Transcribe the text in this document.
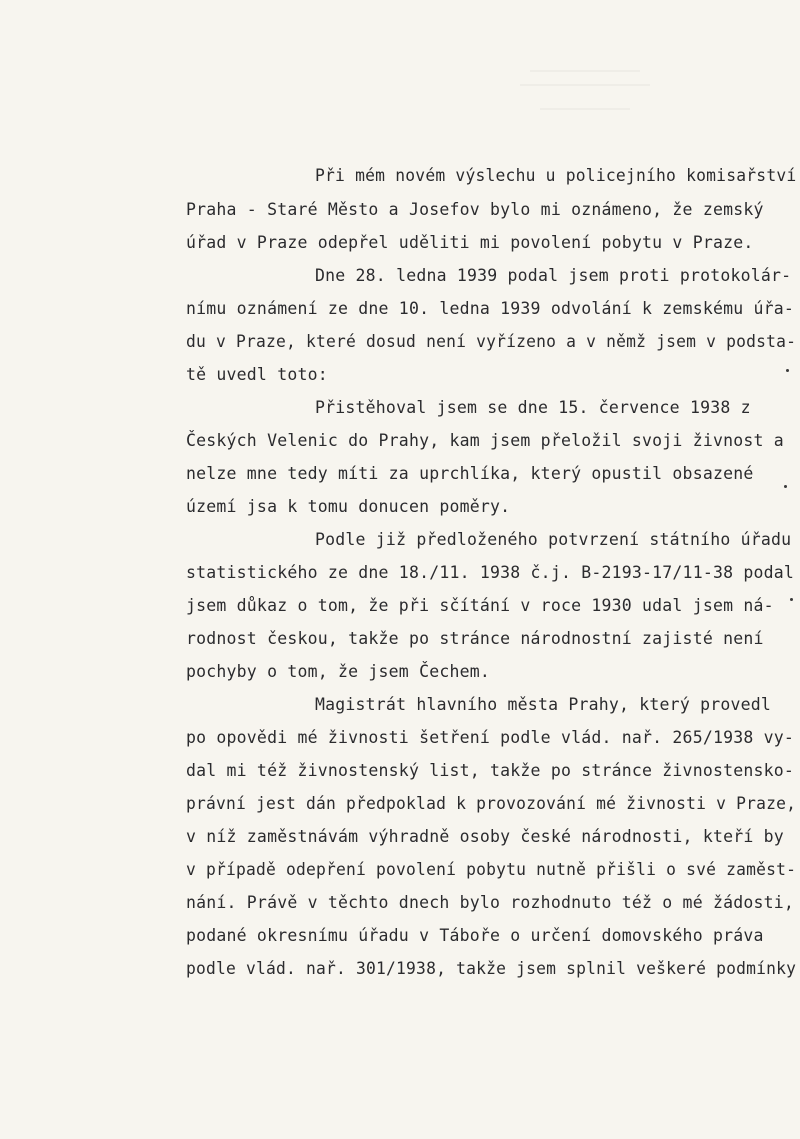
Při mém novém výslechu u policejního komisařství
Praha - Staré Město a Josefov bylo mi oznámeno, že zemský
úřad v Praze odepřel uděliti mi povolení pobytu v Praze.
Dne 28. ledna 1939 podal jsem proti protokolár-
nímu oznámení ze dne 10. ledna 1939 odvolání k zemskému úřa-
du v Praze, které dosud není vyřízeno a v němž jsem v podsta-
tě uvedl toto:
Přistěhoval jsem se dne 15. července 1938 z
Českých Velenic do Prahy, kam jsem přeložil svoji živnost a
nelze mne tedy míti za uprchlíka, který opustil obsazené
území jsa k tomu donucen poměry.
Podle již předloženého potvrzení státního úřadu
statistického ze dne 18./11. 1938 č.j. B-2193-17/11-38 podal
jsem důkaz o tom, že při sčítání v roce 1930 udal jsem ná-
rodnost českou, takže po stránce národnostní zajisté není
pochyby o tom, že jsem Čechem.
Magistrát hlavního města Prahy, který provedl
po opovědi mé živnosti šetření podle vlád. nař. 265/1938 vy-
dal mi též živnostenský list, takže po stránce živnostensko-
právní jest dán předpoklad k provozování mé živnosti v Praze,
v níž zaměstnávám výhradně osoby české národnosti, kteří by
v případě odepření povolení pobytu nutně přišli o své zaměst-
nání. Právě v těchto dnech bylo rozhodnuto též o mé žádosti,
podané okresnímu úřadu v Táboře o určení domovského práva
podle vlád. nař. 301/1938, takže jsem splnil veškeré podmínky
